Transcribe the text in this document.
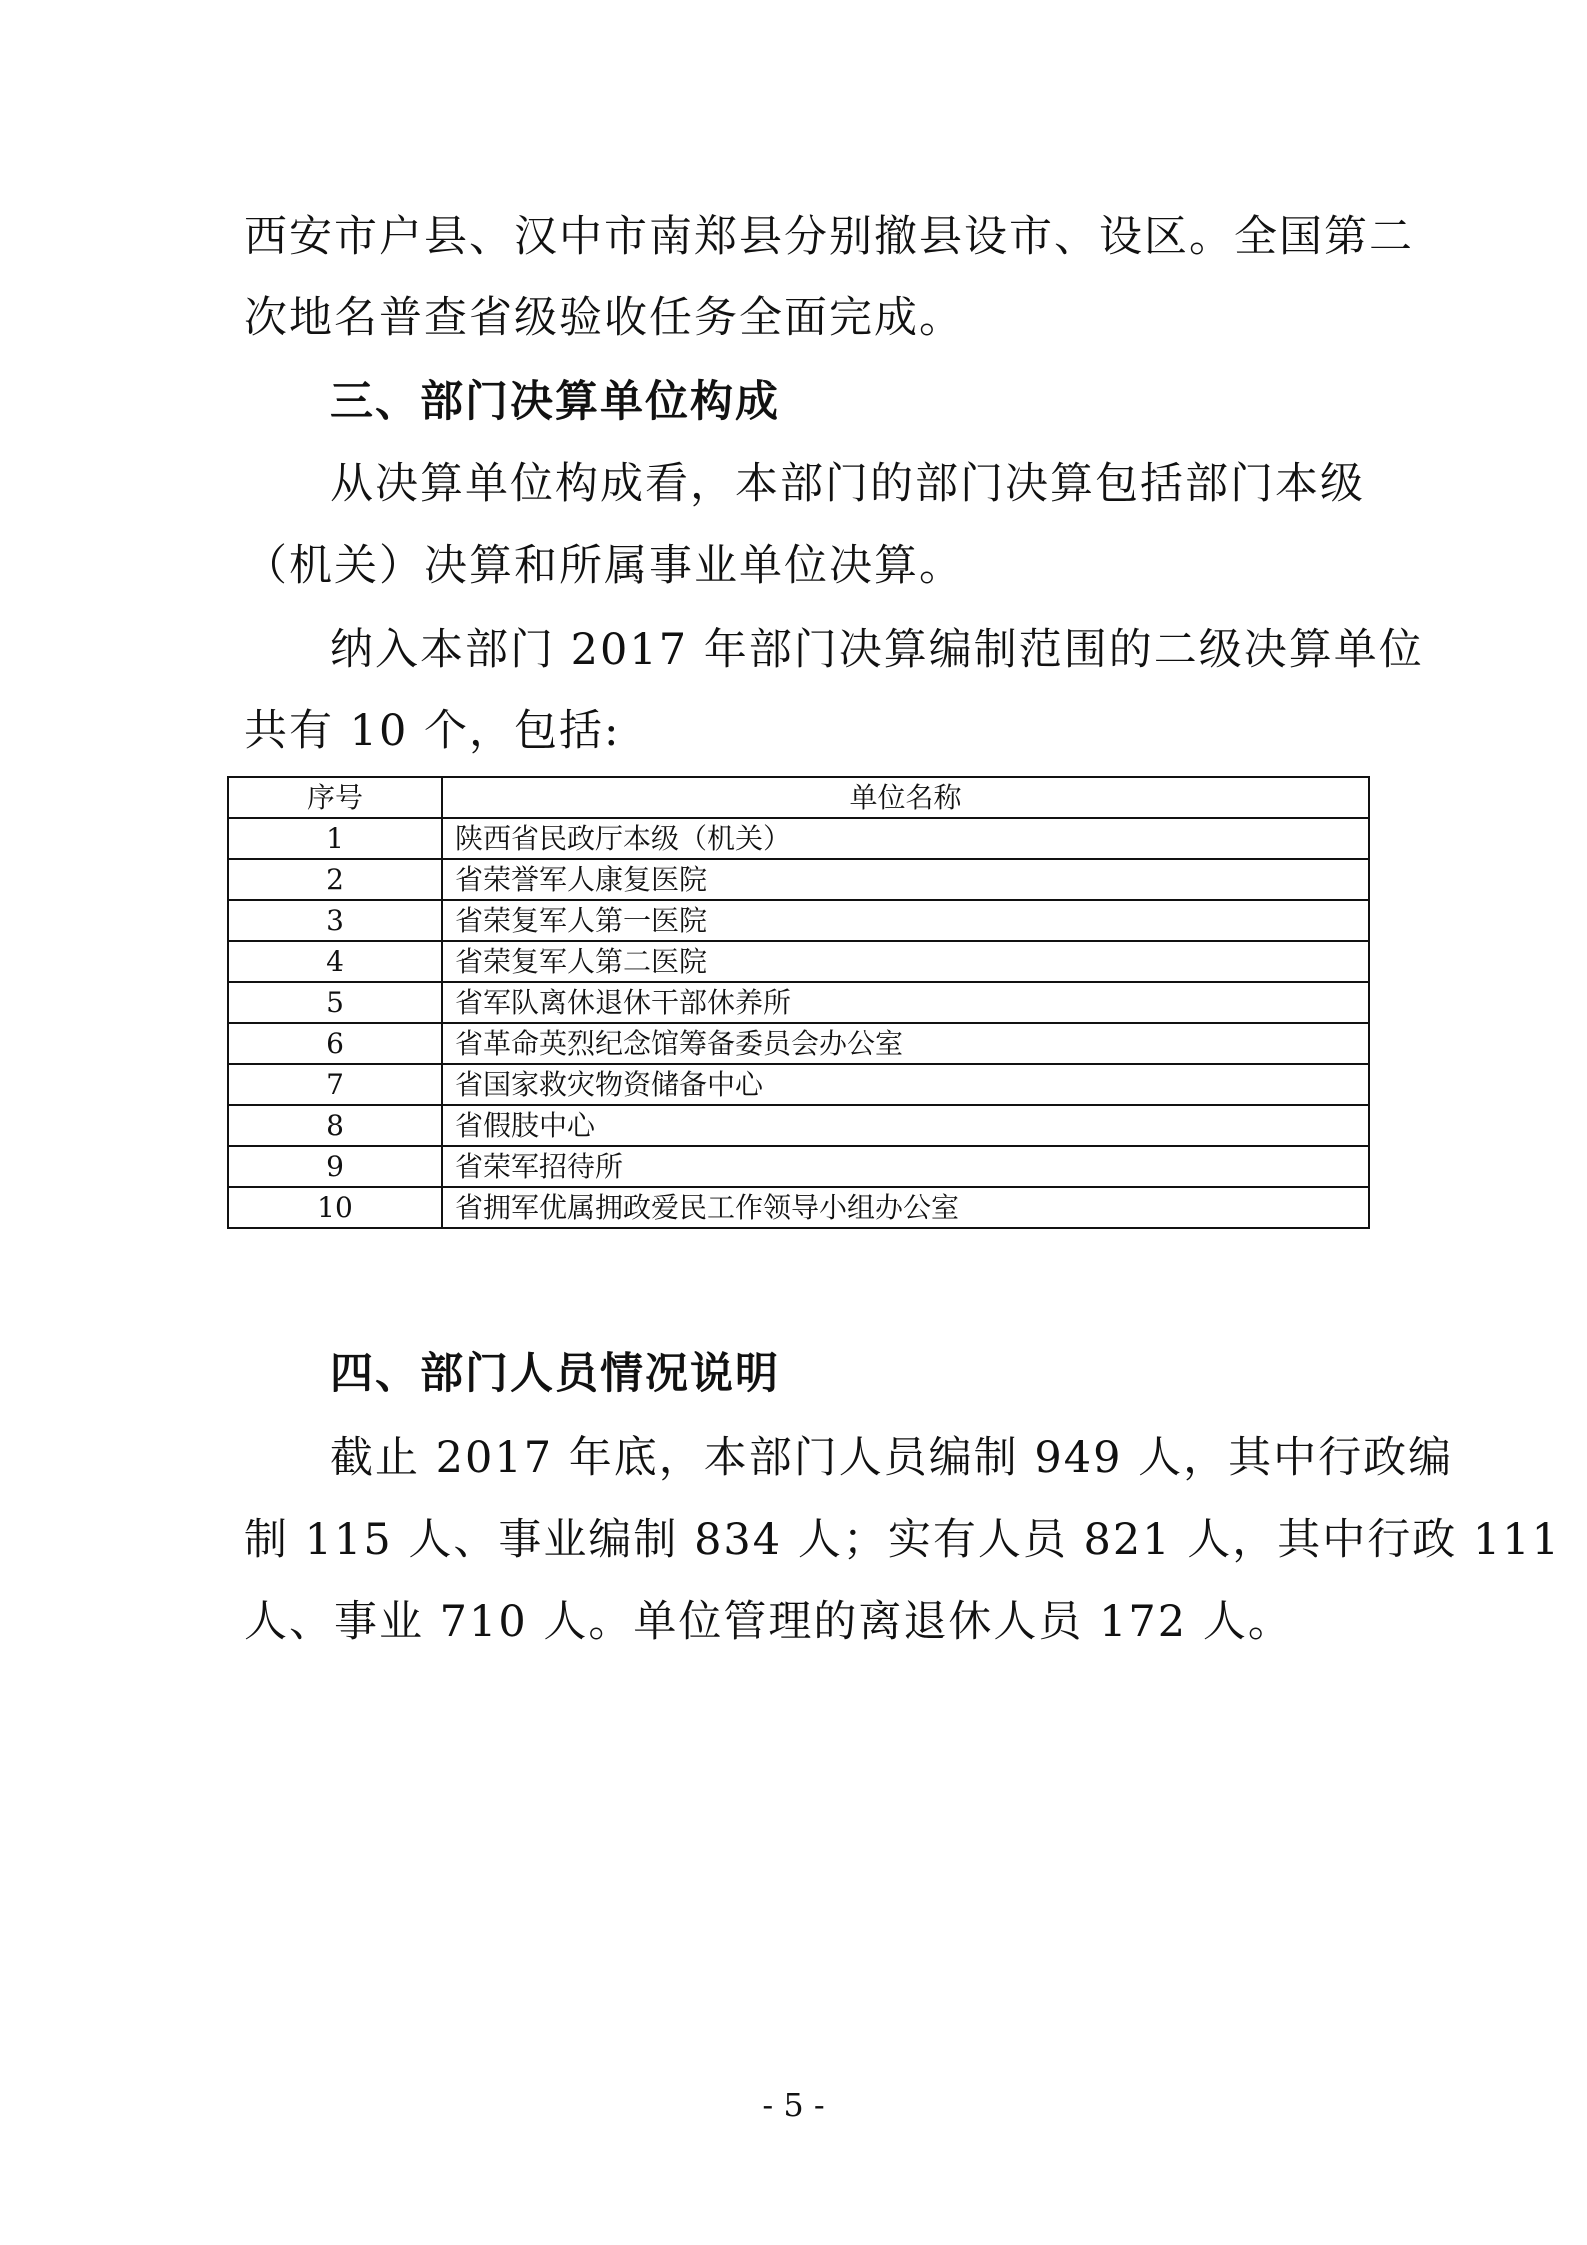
西安市户县、汉中市南郑县分别撤县设市、设区。全国第二
次地名普查省级验收任务全面完成。
三、部门决算单位构成
从决算单位构成看，本部门的部门决算包括部门本级
（机关）决算和所属事业单位决算。
纳入本部门 2017 年部门决算编制范围的二级决算单位
共有 10 个，包括:
序号	单位名称
1	陕西省民政厅本级（机关）
2	省荣誉军人康复医院
3	省荣复军人第一医院
4	省荣复军人第二医院
5	省军队离休退休干部休养所
6	省革命英烈纪念馆筹备委员会办公室
7	省国家救灾物资储备中心
8	省假肢中心
9	省荣军招待所
10	省拥军优属拥政爱民工作领导小组办公室
四、部门人员情况说明
截止 2017 年底，本部门人员编制 949 人，其中行政编
制 115 人、事业编制 834 人；实有人员 821 人，其中行政 111
人、事业 710 人。单位管理的离退休人员 172 人。
- 5 -
